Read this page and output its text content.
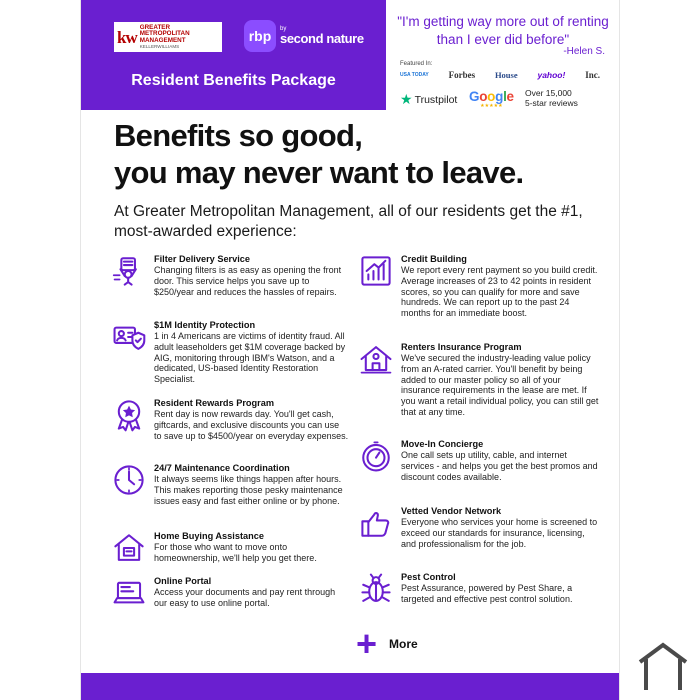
kw
GREATER METROPOLITAN MANAGEMENT
KELLERWILLIAMS
rbp	by
second nature
Resident Benefits Package
"I'm getting way more out of renting than I ever did before"
-Helen S.
Featured In:
USA TODAY Forbes House yahoo! Inc.
★ Trustpilot Google
★★★★★
Over 15,000
5-star reviews
Benefits so good,
you may never want to leave.
At Greater Metropolitan Management, all of our residents get the #1, most-awarded experience:
Filter Delivery Service
Changing filters is as easy as opening the front door. This service helps you save up to $250/year and reduces the hassles of repairs.
$1M Identity Protection
1 in 4 Americans are victims of identity fraud. All adult leaseholders get $1M coverage backed by AIG, monitoring through IBM's Watson, and a dedicated, US-based Identity Restoration Specialist.
Resident Rewards Program
Rent day is now rewards day. You'll get cash, giftcards, and exclusive discounts you can use to save up to $4500/year on everyday expenses.
24/7 Maintenance Coordination
It always seems like things happen after hours. This makes reporting those pesky maintenance issues easy and fast either online or by phone.
Home Buying Assistance
For those who want to move onto homeownership, we'll help you get there.
Online Portal
Access your documents and pay rent through our easy to use online portal.
Credit Building
We report every rent payment so you build credit. Average increases of 23 to 42 points in resident scores, so you can qualify for more and save hundreds. We can report up to the past 24 months for an immediate boost.
Renters Insurance Program
We've secured the industry-leading value policy from an A-rated carrier. You'll benefit by being added to our master policy so all of your insurance requirements in the lease are met. If you want a retail individual policy, you can still get that at any time.
Move-In Concierge
One call sets up utility, cable, and internet services - and helps you get the best promos and discount codes available.
Vetted Vendor Network
Everyone who services your home is screened to exceed our standards for insurance, licensing, and professionalism for the job.
Pest Control
Pest Assurance, powered by Pest Share, a targeted and effective pest control solution.
+ More
